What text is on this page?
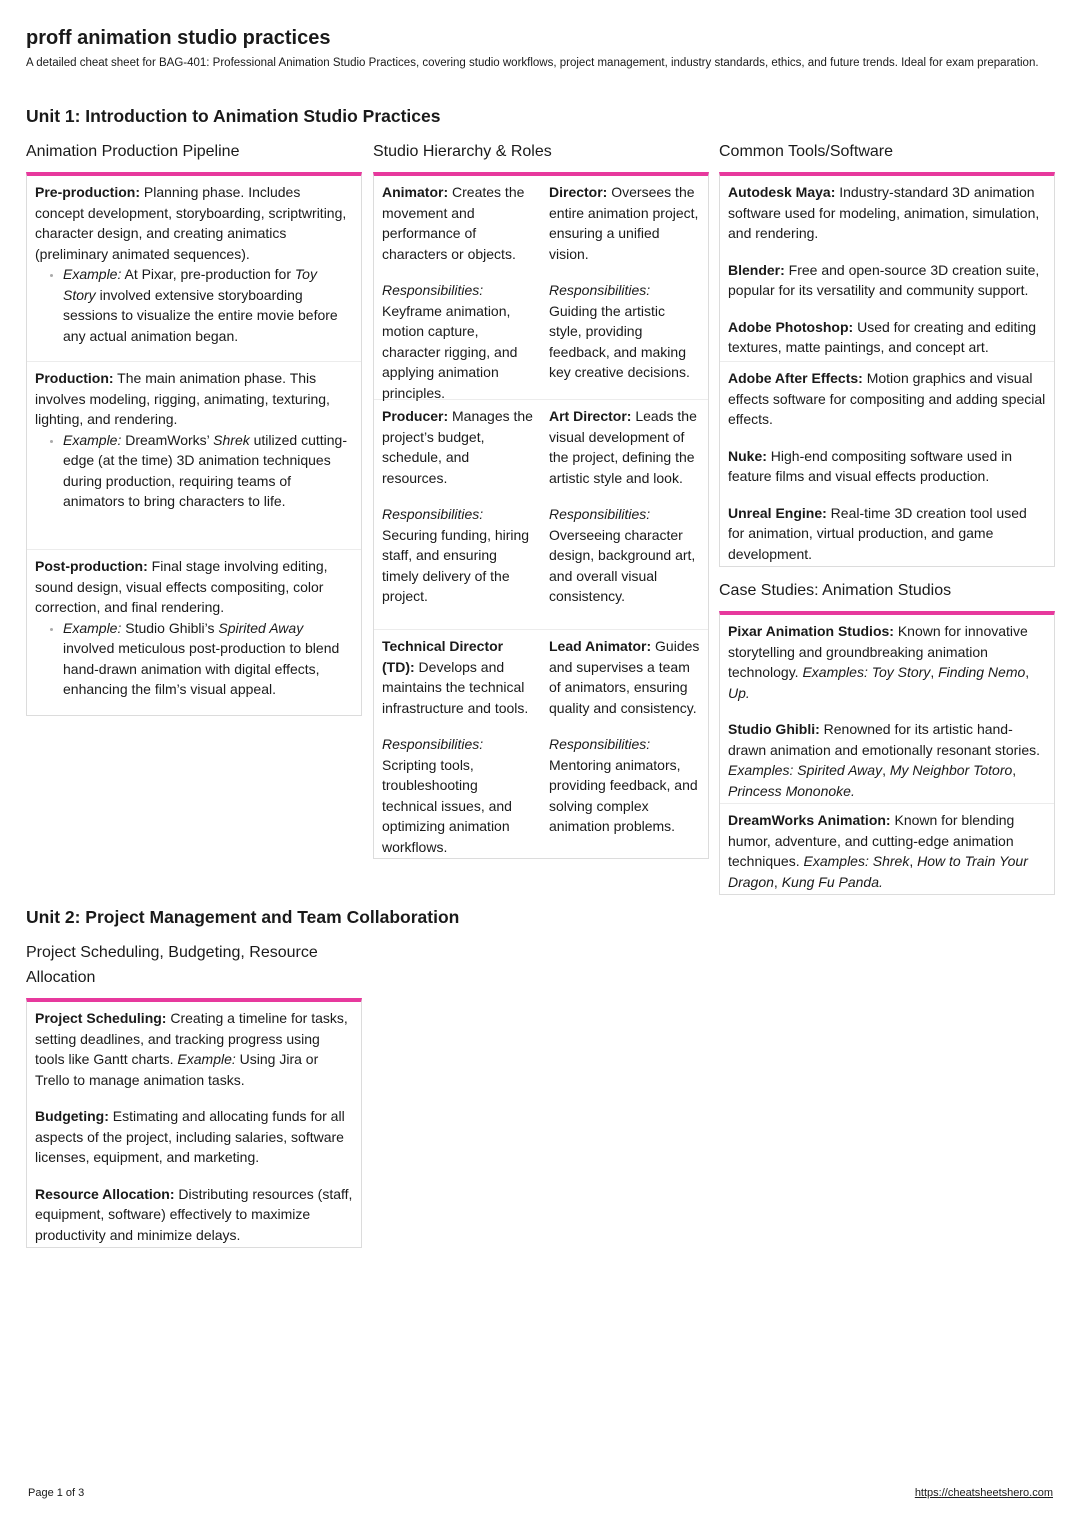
proff animation studio practices

A detailed cheat sheet for BAG-401: Professional Animation Studio Practices, covering studio workflows, project management, industry standards, ethics, and future trends. Ideal for exam preparation.

Unit 1: Introduction to Animation Studio Practices
Animation Production Pipeline

Pre-production: Planning phase. Includes concept development, storyboarding, scriptwriting, character design, and creating animatics (preliminary animated sequences).

• Example: At Pixar, pre-production for Toy Story involved extensive storyboarding sessions to visualize the entire movie before any actual animation began.

Production: The main animation phase. This involves modeling, rigging, animating, texturing, lighting, and rendering.

• Example: DreamWorks’ Shrek utilized cutting-edge (at the time) 3D animation techniques during production, requiring teams of animators to bring characters to life.

Post-production: Final stage involving editing, sound design, visual effects compositing, color correction, and final rendering.

• Example: Studio Ghibli’s Spirited Away involved meticulous post-production to blend hand-drawn animation with digital effects, enhancing the film’s visual appeal.
Studio Hierarchy & Roles

Animator: Creates the movement and performance of characters or objects.

Responsibilities:
Keyframe animation, motion capture, character rigging, and applying animation principles.

Director: Oversees the entire animation project, ensuring a unified vision.

Responsibilities:
Guiding the artistic style, providing feedback, and making key creative decisions.

Producer: Manages the project’s budget, schedule, and resources.

Responsibilities:
Securing funding, hiring staff, and ensuring timely delivery of the project.

Art Director: Leads the visual development of the project, defining the artistic style and look.

Responsibilities:
Overseeing character design, background art, and overall visual consistency.

Technical Director (TD): Develops and maintains the technical infrastructure and tools.

Responsibilities:
Scripting tools, troubleshooting technical issues, and optimizing animation workflows.

Lead Animator: Guides and supervises a team of animators, ensuring quality and consistency.

Responsibilities:
Mentoring animators, providing feedback, and solving complex animation problems.

Common Tools/Software

Autodesk Maya: Industry-standard 3D animation software used for modeling, animation, simulation, and rendering.

Blender: Free and open-source 3D creation suite, popular for its versatility and community support.

Adobe Photoshop: Used for creating and editing textures, matte paintings, and concept art.

Adobe After Effects: Motion graphics and visual effects software for compositing and adding special effects.

Nuke: High-end compositing software used in feature films and visual effects production.

Unreal Engine: Real-time 3D creation tool used for animation, virtual production, and game development.

Case Studies: Animation Studios

Pixar Animation Studios: Known for innovative storytelling and groundbreaking animation technology. Examples: Toy Story, Finding Nemo, Up.

Studio Ghibli: Renowned for its artistic hand-drawn animation and emotionally resonant stories. Examples: Spirited Away, My Neighbor Totoro, Princess Mononoke.

DreamWorks Animation: Known for blending humor, adventure, and cutting-edge animation techniques. Examples: Shrek, How to Train Your Dragon, Kung Fu Panda.

Unit 2: Project Management and Team Collaboration
Project Scheduling, Budgeting, Resource Allocation

Project Scheduling: Creating a timeline for tasks, setting deadlines, and tracking progress using tools like Gantt charts. Example: Using Jira or Trello to manage animation tasks.

Budgeting: Estimating and allocating funds for all aspects of the project, including salaries, software licenses, equipment, and marketing.

Resource Allocation: Distributing resources (staff, equipment, software) effectively to maximize productivity and minimize delays.

Page 1 of 3	https://cheatsheetshero.com
